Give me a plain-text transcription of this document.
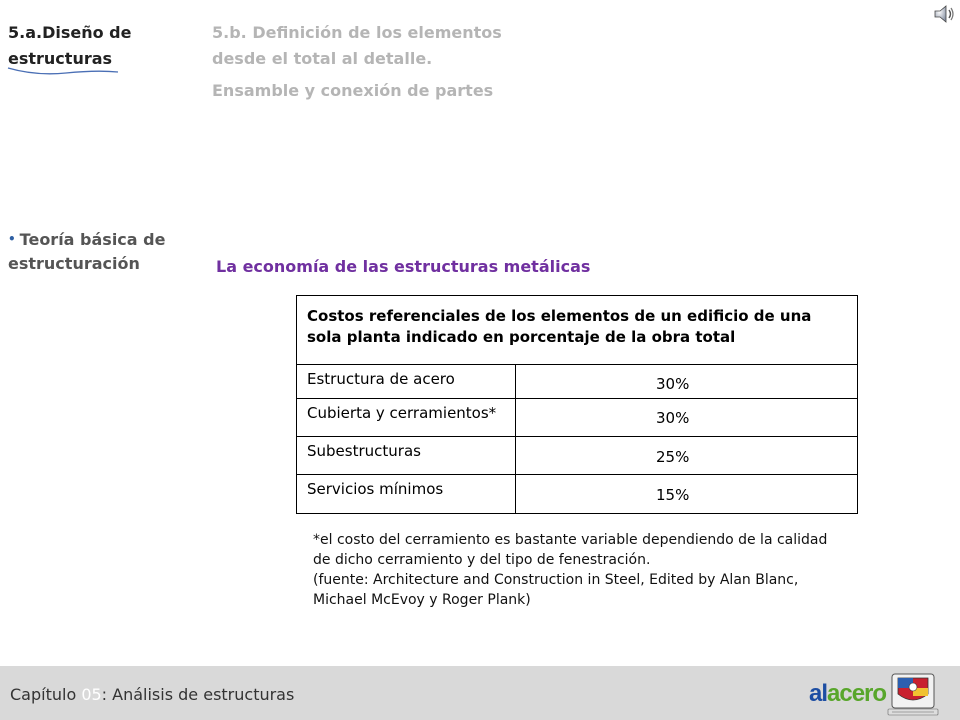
5.a.Diseño de
estructuras
5.b. Definición de los elementos
desde el total al detalle.
Ensamble y conexión de partes
• Teoría básica de
estructuración	La economía de las estructuras metálicas
Costos referenciales de los elementos de un edificio de una
sola planta indicado en porcentaje de la obra total	

Estructura de acero	30%
Cubierta y cerramientos*	30%
Subestructuras	25%
Servicios mínimos	15%

*el costo del cerramiento es bastante variable dependiendo de la calidad

de dicho cerramiento y del tipo de fenestración.

(fuente: Architecture and Construction in Steel, Edited by Alan Blanc,

Michael McEvoy y Roger Plank)

Capítulo 05: Análisis de estructuras	alacero
